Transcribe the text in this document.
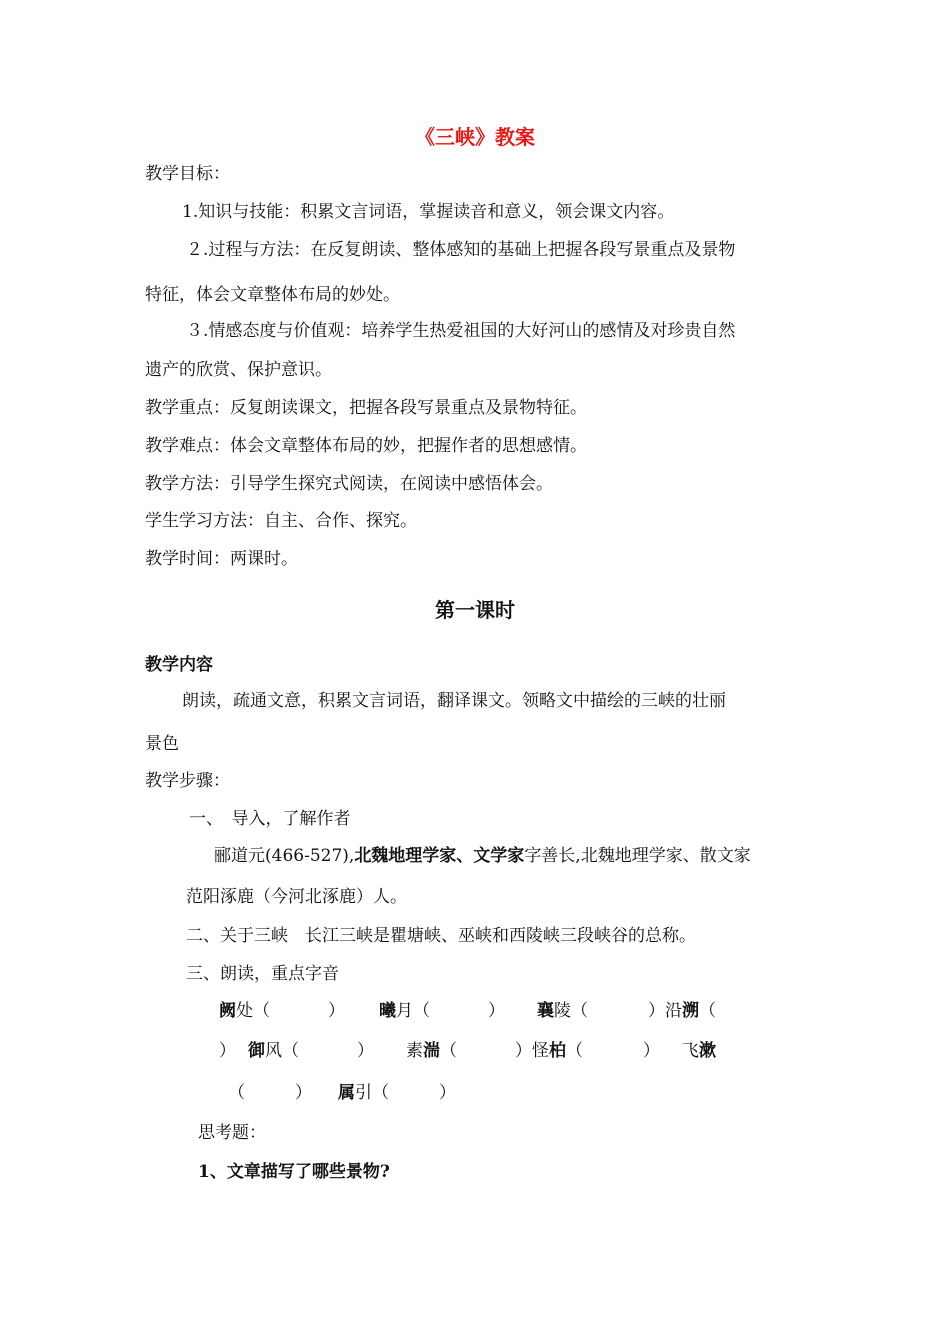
《三峡》教案
教学目标：
1.知识与技能：积累文言词语，掌握读音和意义，领会课文内容。
２.过程与方法：在反复朗读、整体感知的基础上把握各段写景重点及景物
特征，体会文章整体布局的妙处。
３.情感态度与价值观：培养学生热爱祖国的大好河山的感情及对珍贵自然
遗产的欣赏、保护意识。
教学重点：反复朗读课文，把握各段写景重点及景物特征。
教学难点：体会文章整体布局的妙，把握作者的思想感情。
教学方法：引导学生探究式阅读，在阅读中感悟体会。
学生学习方法：自主、合作、探究。
教学时间：两课时。
第一课时
教学内容
朗读，疏通文意，积累文言词语，翻译课文。领略文中描绘的三峡的壮丽
景色
教学步骤：
一、　导入，了解作者
郦道元(466-527),北魏地理学家、文学家字善长,北魏地理学家、散文家
范阳涿鹿（今河北涿鹿）人。
二、关于三峡　长江三峡是瞿塘峡、巫峡和西陵峡三段峡谷的总称。
三、朗读，重点字音
阙处（	） 曦月（	） 襄陵（	）沿溯（
） 御风（	） 素湍（	）怪柏（	） 飞漱
（	） 属引（	）
思考题：
1、文章描写了哪些景物?
